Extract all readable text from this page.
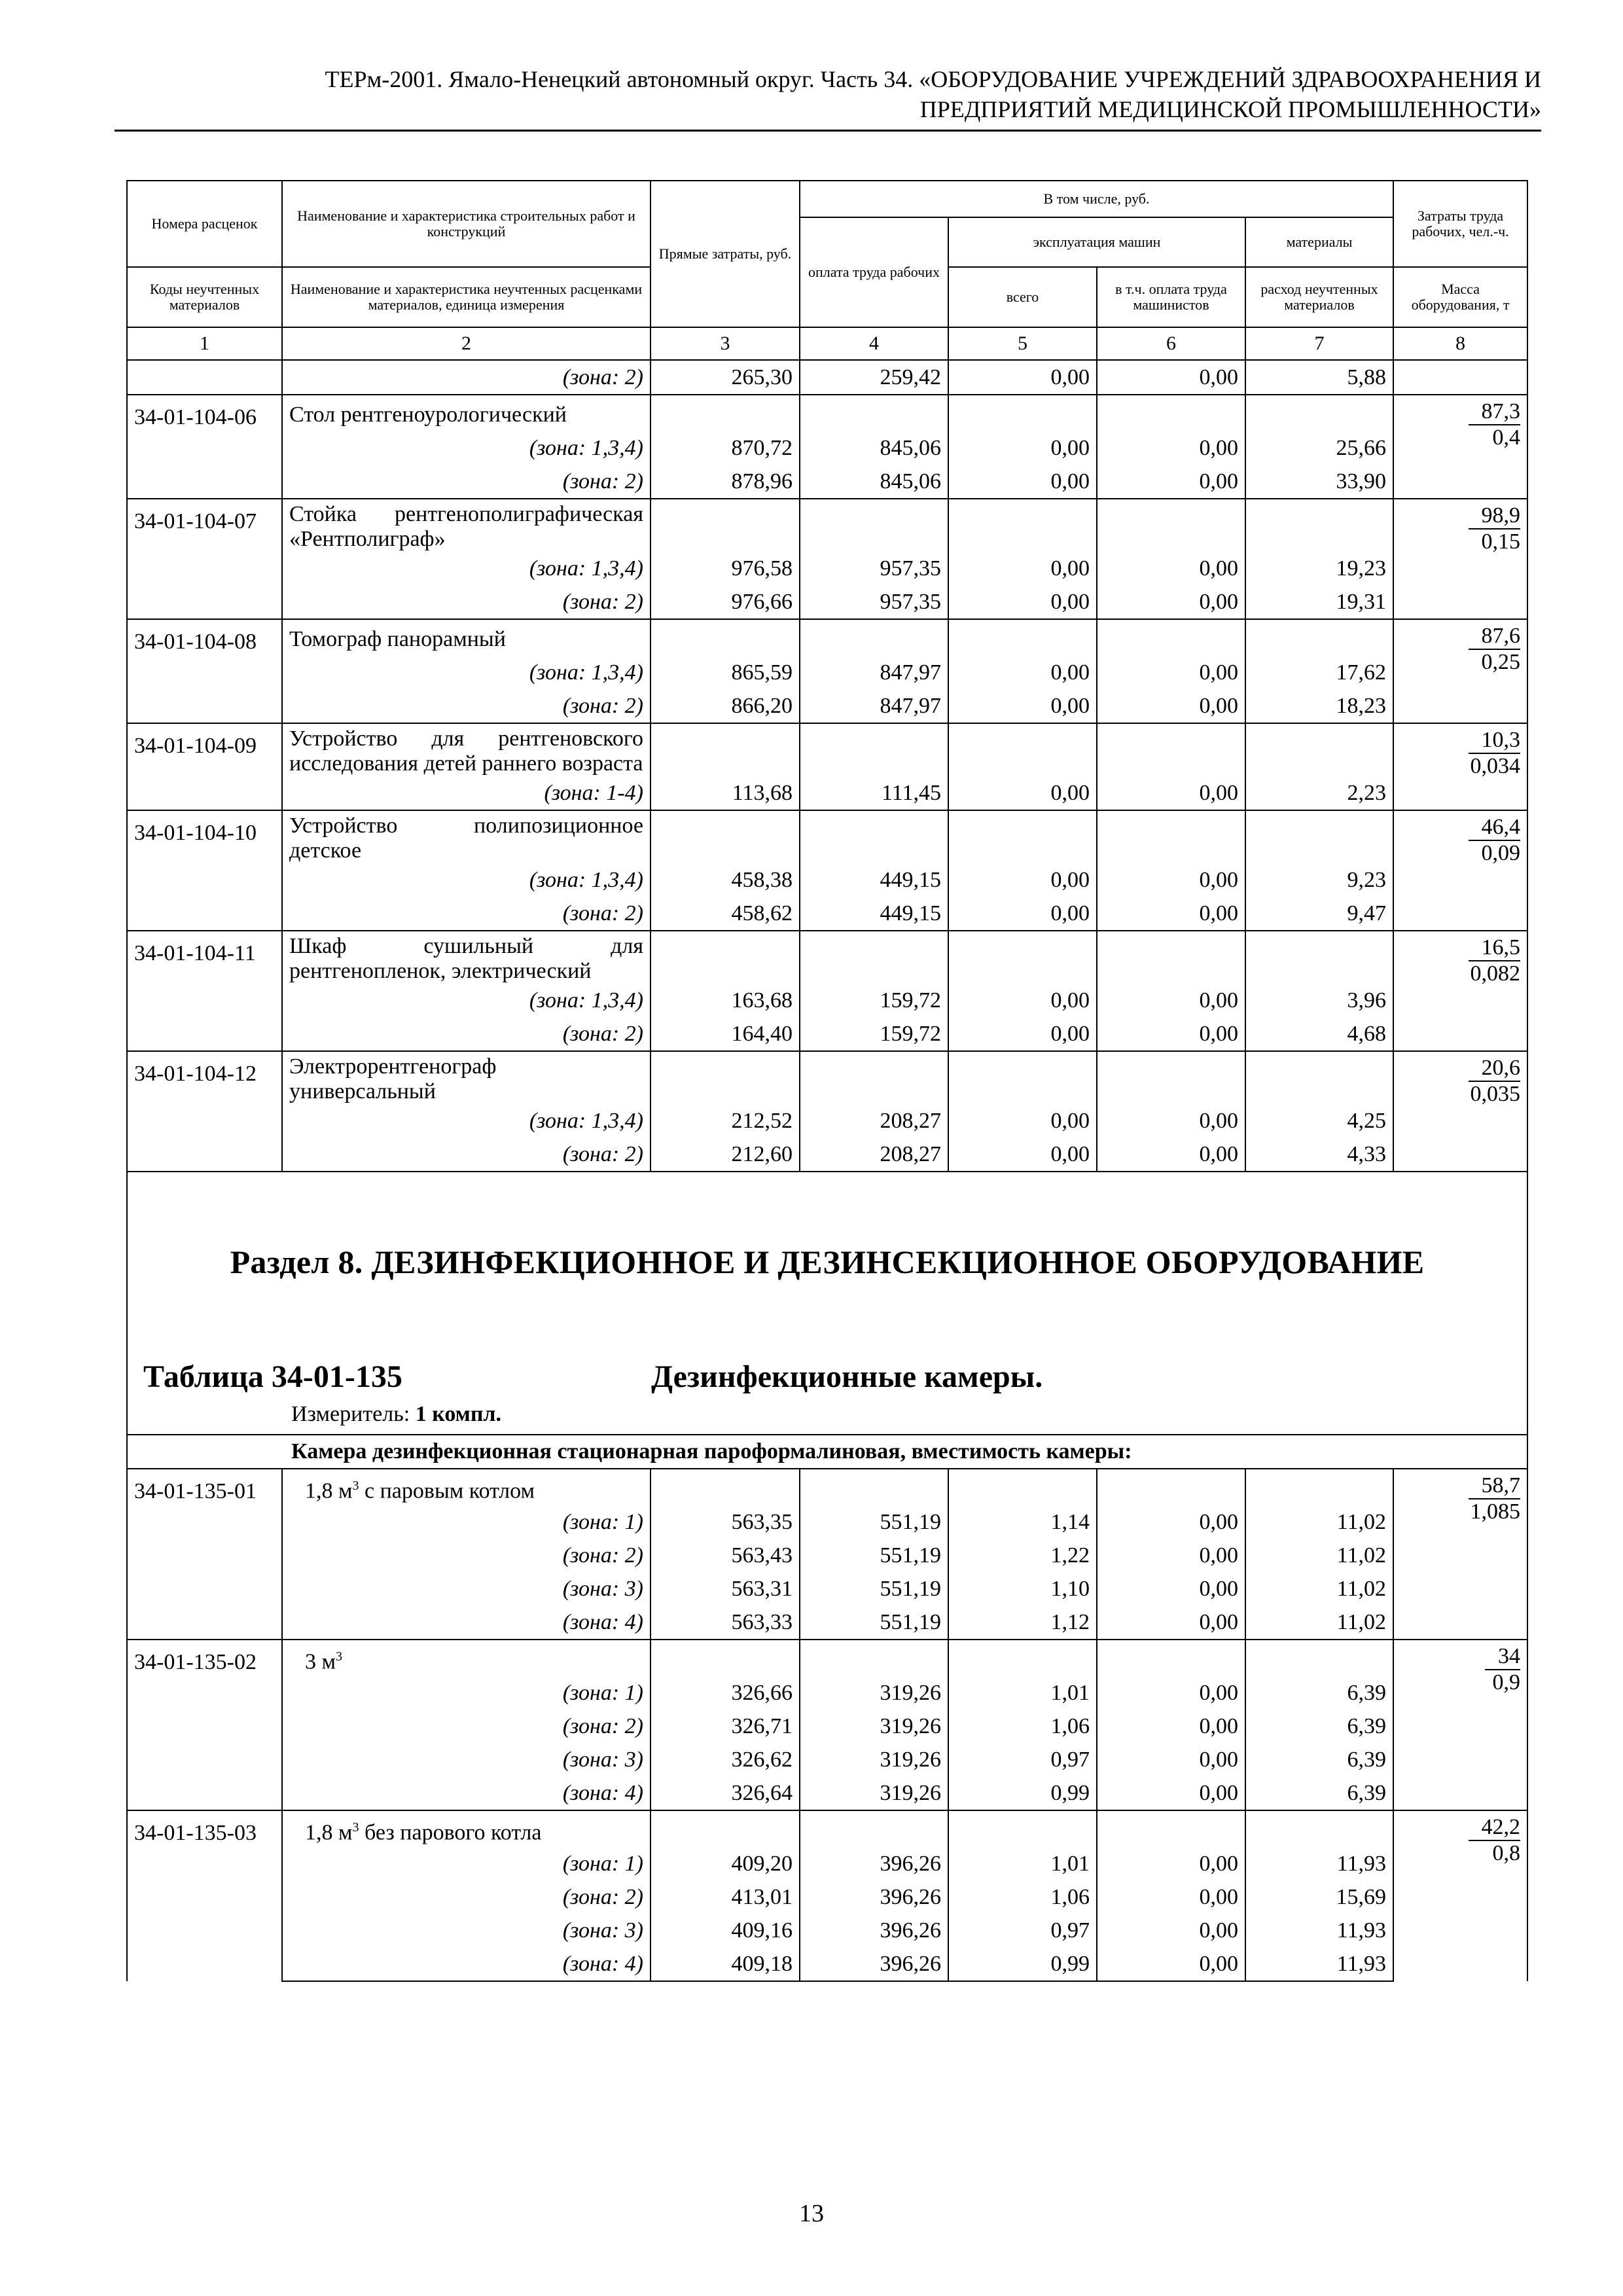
ТЕРм-2001. Ямало-Ненецкий автономный округ. Часть 34. «ОБОРУДОВАНИЕ УЧРЕЖДЕНИЙ ЗДРАВООХРАНЕНИЯ И
ПРЕДПРИЯТИЙ МЕДИЦИНСКОЙ ПРОМЫШЛЕННОСТИ»
Номера расценок	Наименование и характеристика строительных работ и конструкций	Прямые затраты, руб.	В том числе, руб.				Затраты труда рабочих, чел.-ч.
			оплата труда рабочих	эксплуатация машин		материалы	
Коды неучтенных материалов	Наименование и характеристика неучтенных расценками материалов, единица измерения			всего	в т.ч. оплата труда машинистов	расход неучтенных материалов	Масса оборудования, т
1	2	3	4	5	6	7	8
	(зона: 2)	265,30	259,42	0,00	0,00	5,88	
34-01-104-06	Стол рентгеноурологический						$\frac{87,3}{0,4}$

	(зона: 1,3,4)	870,72	845,06	0,00	0,00	25,66	
	(зона: 2)	878,96	845,06	0,00	0,00	33,90	
34-01-104-07	Стойка рентгенополиграфическая «Рентполиграф»						$\frac{98,9}{0,15}$

	(зона: 1,3,4)	976,58	957,35	0,00	0,00	19,23	
	(зона: 2)	976,66	957,35	0,00	0,00	19,31	
34-01-104-08	Томограф панорамный						$\frac{87,6}{0,25}$

	(зона: 1,3,4)	865,59	847,97	0,00	0,00	17,62	
	(зона: 2)	866,20	847,97	0,00	0,00	18,23	
34-01-104-09	Устройство для рентгеновского исследования детей раннего возраста						$\frac{10,3}{0,034}$

	(зона: 1-4)	113,68	111,45	0,00	0,00	2,23	
34-01-104-10	Устройство полипозиционное детское						$\frac{46,4}{0,09}$

	(зона: 1,3,4)	458,38	449,15	0,00	0,00	9,23	
	(зона: 2)	458,62	449,15	0,00	0,00	9,47	
34-01-104-11	Шкаф сушильный для рентгенопленок, электрический						$\frac{16,5}{0,082}$

	(зона: 1,3,4)	163,68	159,72	0,00	0,00	3,96	
	(зона: 2)	164,40	159,72	0,00	0,00	4,68	
34-01-104-12	Электрорентгенограф универсальный						$\frac{20,6}{0,035}$

	(зона: 1,3,4)	212,52	208,27	0,00	0,00	4,25	
	(зона: 2)	212,60	208,27	0,00	0,00	4,33	

Раздел 8. ДЕЗИНФЕКЦИОННОЕ И ДЕЗИНСЕКЦИОННОЕ ОБОРУДОВАНИЕ
Таблица 34-01-135 Дезинфекционные камеры.
Измеритель: 1 компл.							

Камера дезинфекционная стационарная пароформалиновая, вместимость камеры:							
34-01-135-01	1,8 $м^3$ с паровым котлом						$\frac{58,7}{1,085}$

	(зона: 1)	563,35	551,19	1,14	0,00	11,02	
	(зона: 2)	563,43	551,19	1,22	0,00	11,02	
	(зона: 3)	563,31	551,19	1,10	0,00	11,02	
	(зона: 4)	563,33	551,19	1,12	0,00	11,02	
34-01-135-02	3 $м^3$						$\frac{34}{0,9}$

	(зона: 1)	326,66	319,26	1,01	0,00	6,39	
	(зона: 2)	326,71	319,26	1,06	0,00	6,39	
	(зона: 3)	326,62	319,26	0,97	0,00	6,39	
	(зона: 4)	326,64	319,26	0,99	0,00	6,39	
34-01-135-03	1,8 $м^3$ без парового котла						$\frac{42,2}{0,8}$

	(зона: 1)	409,20	396,26	1,01	0,00	11,93	
	(зона: 2)	413,01	396,26	1,06	0,00	15,69	
	(зона: 3)	409,16	396,26	0,97	0,00	11,93	
	(зона: 4)	409,18	396,26	0,99	0,00	11,93	
13
